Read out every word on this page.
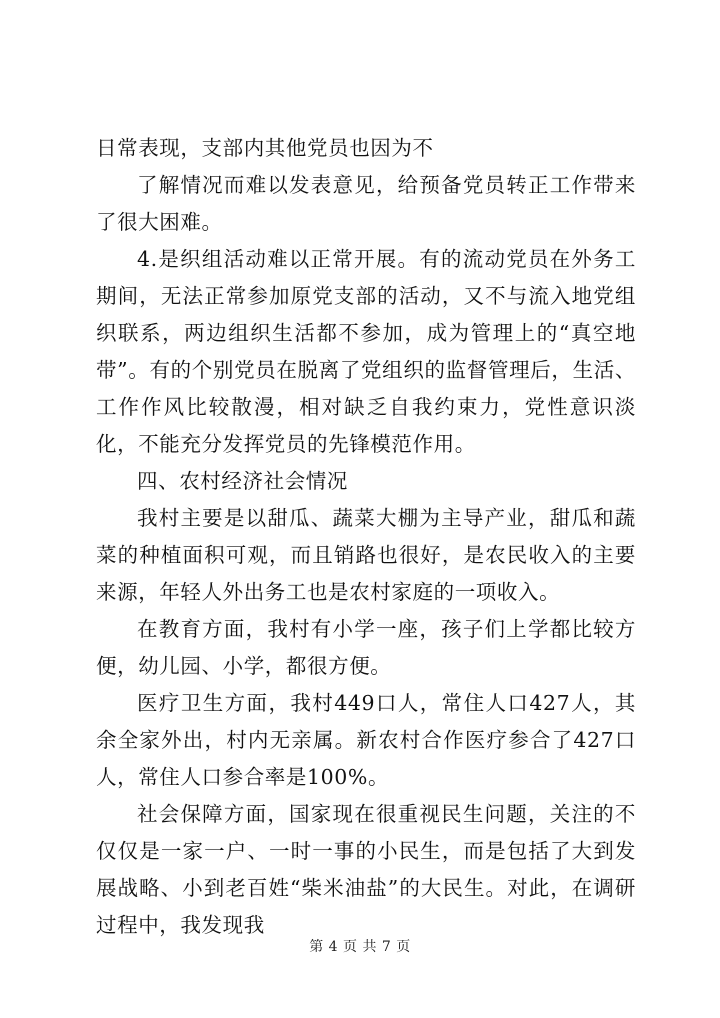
日常表现，支部内其他党员也因为不

了解情况而难以发表意见，给预备党员转正工作带来了很大困难。

4.是织组活动难以正常开展。有的流动党员在外务工期间，无法正常参加原党支部的活动，又不与流入地党组织联系，两边组织生活都不参加，成为管理上的“真空地带”。有的个别党员在脱离了党组织的监督管理后，生活、工作作风比较散漫，相对缺乏自我约束力，党性意识淡化，不能充分发挥党员的先锋模范作用。

四、农村经济社会情况

我村主要是以甜瓜、蔬菜大棚为主导产业，甜瓜和蔬菜的种植面积可观，而且销路也很好，是农民收入的主要来源，年轻人外出务工也是农村家庭的一项收入。

在教育方面，我村有小学一座，孩子们上学都比较方便，幼儿园、小学，都很方便。

医疗卫生方面，我村449口人，常住人口427人，其余全家外出，村内无亲属。新农村合作医疗参合了427口人，常住人口参合率是100%。

社会保障方面，国家现在很重视民生问题，关注的不仅仅是一家一户、一时一事的小民生，而是包括了大到发展战略、小到老百姓“柴米油盐”的大民生。对此，在调研过程中，我发现我

第 4 页 共 7 页
